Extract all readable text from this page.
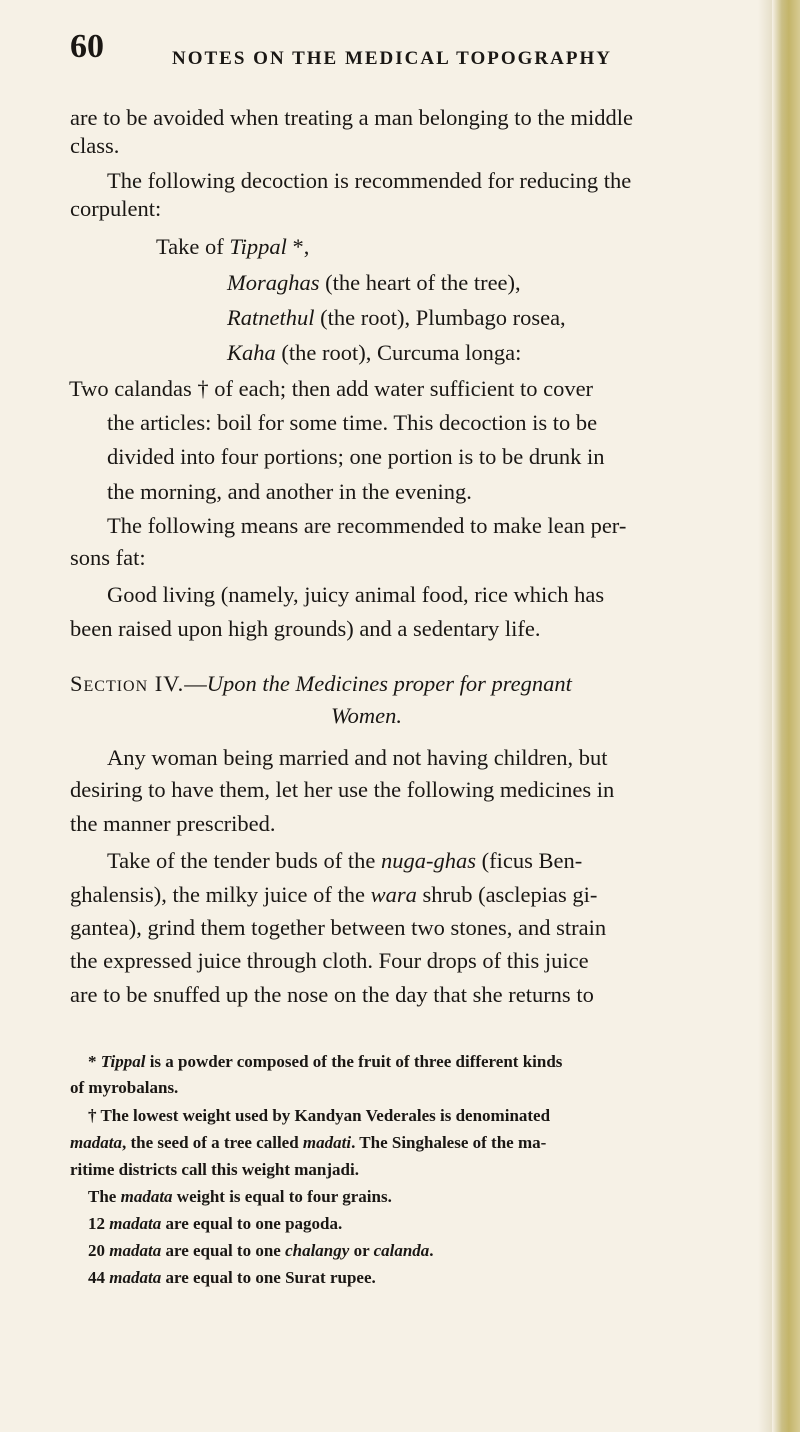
60	NOTES ON THE MEDICAL TOPOGRAPHY
are to be avoided when treating a man belonging to the middle
class.
The following decoction is recommended for reducing the
corpulent:
Take of Tippal *,
Moraghas (the heart of the tree),
Ratnethul (the root), Plumbago rosea,
Kaha (the root), Curcuma longa:
Two calandas † of each; then add water sufficient to cover
the articles: boil for some time. This decoction is to be
divided into four portions; one portion is to be drunk in
the morning, and another in the evening.
The following means are recommended to make lean per-
sons fat:
Good living (namely, juicy animal food, rice which has
been raised upon high grounds) and a sedentary life.
Section IV.—Upon the Medicines proper for pregnant
Women.
Any woman being married and not having children, but
desiring to have them, let her use the following medicines in
the manner prescribed.
Take of the tender buds of the nuga-ghas (ficus Ben-
ghalensis), the milky juice of the wara shrub (asclepias gi-
gantea), grind them together between two stones, and strain
the expressed juice through cloth. Four drops of this juice
are to be snuffed up the nose on the day that she returns to
* Tippal is a powder composed of the fruit of three different kinds
of myrobalans.
† The lowest weight used by Kandyan Vederales is denominated
madata, the seed of a tree called madati. The Singhalese of the ma-
ritime districts call this weight manjadi.
The madata weight is equal to four grains.
12 madata are equal to one pagoda.
20 madata are equal to one chalangy or calanda.
44 madata are equal to one Surat rupee.
